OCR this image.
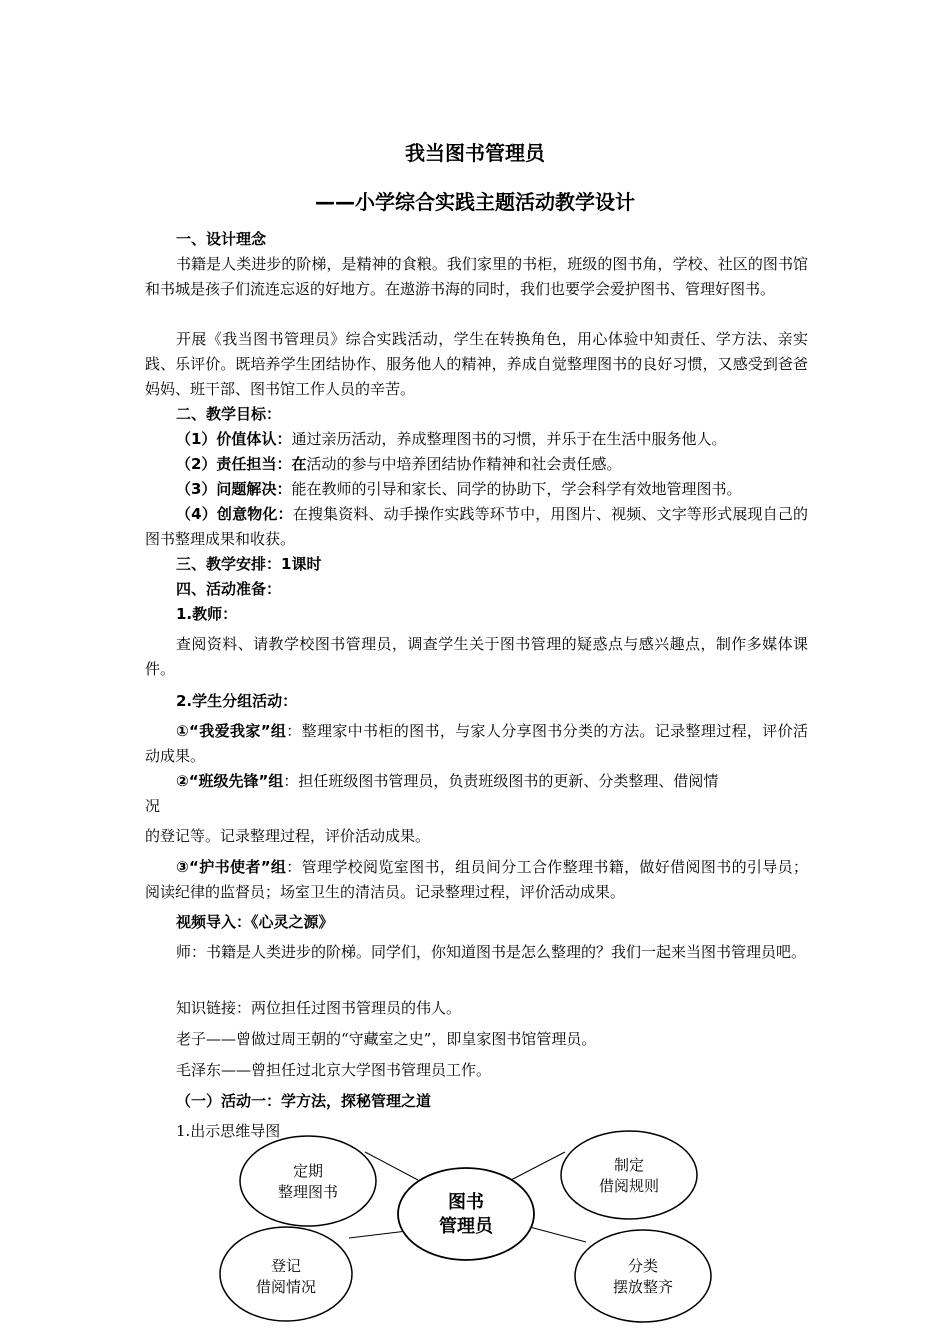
我当图书管理员
——小学综合实践主题活动教学设计
一、设计理念
书籍是人类进步的阶梯，是精神的食粮。我们家里的书柜，班级的图书角，学校、社区的图书馆和书城是孩子们流连忘返的好地方。在遨游书海的同时，我们也要学会爱护图书、管理好图书。
开展《我当图书管理员》综合实践活动，学生在转换角色，用心体验中知责任、学方法、亲实践、乐评价。既培养学生团结协作、服务他人的精神，养成自觉整理图书的良好习惯，又感受到爸爸妈妈、班干部、图书馆工作人员的辛苦。
二、教学目标：
（1）价值体认：通过亲历活动，养成整理图书的习惯，并乐于在生活中服务他人。
（2）责任担当：在活动的参与中培养团结协作精神和社会责任感。
（3）问题解决：能在教师的引导和家长、同学的协助下，学会科学有效地管理图书。
（4）创意物化：在搜集资料、动手操作实践等环节中，用图片、视频、文字等形式展现自己的图书整理成果和收获。
三、教学安排：1课时
四、活动准备：
1.教师：
查阅资料、请教学校图书管理员，调查学生关于图书管理的疑惑点与感兴趣点，制作多媒体课件。
2.学生分组活动：
①“我爱我家”组：整理家中书柜的图书，与家人分享图书分类的方法。记录整理过程，评价活动成果。
②“班级先锋”组：担任班级图书管理员，负责班级图书的更新、分类整理、借阅情
况
的登记等。记录整理过程，评价活动成果。
③“护书使者”组：管理学校阅览室图书，组员间分工合作整理书籍，做好借阅图书的引导员；阅读纪律的监督员；场室卫生的清洁员。记录整理过程，评价活动成果。
视频导入：《心灵之源》
师：书籍是人类进步的阶梯。同学们，你知道图书是怎么整理的？我们一起来当图书管理员吧。
知识链接：两位担任过图书管理员的伟人。
老子——曾做过周王朝的“守藏室之史”，即皇家图书馆管理员。
毛泽东——曾担任过北京大学图书管理员工作。
（一）活动一：学方法，探秘管理之道
1.出示思维导图
定期
整理图书
制定
借阅规则
图书
管理员
登记
借阅情况
分类
摆放整齐
